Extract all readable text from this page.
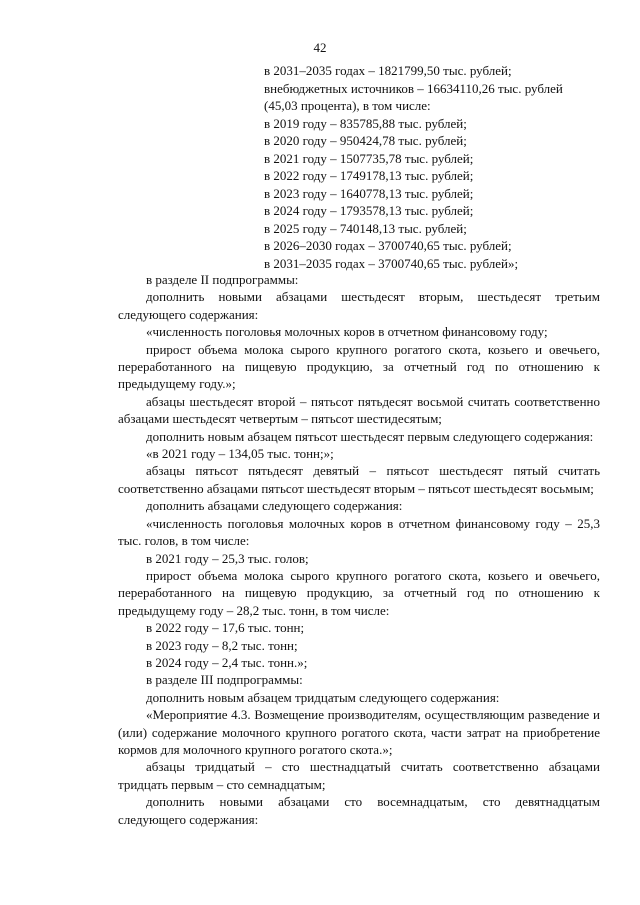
42
в 2031–2035 годах – 1821799,50 тыс. рублей;
внебюджетных источников – 16634110,26 тыс. рублей
(45,03 процента), в том числе:
в 2019 году – 835785,88 тыс. рублей;
в 2020 году – 950424,78 тыс. рублей;
в 2021 году – 1507735,78 тыс. рублей;
в 2022 году – 1749178,13 тыс. рублей;
в 2023 году – 1640778,13 тыс. рублей;
в 2024 году – 1793578,13 тыс. рублей;
в 2025 году – 740148,13 тыс. рублей;
в 2026–2030 годах – 3700740,65 тыс. рублей;
в 2031–2035 годах – 3700740,65 тыс. рублей»;

в разделе II подпрограммы:

дополнить новыми абзацами шестьдесят вторым, шестьдесят третьим следующего содержания:

«численность поголовья молочных коров в отчетном финансовому году;

прирост объема молока сырого крупного рогатого скота, козьего и овечьего, переработанного на пищевую продукцию, за отчетный год по отношению к предыдущему году.»;

абзацы шестьдесят второй – пятьсот пятьдесят восьмой считать соответственно абзацами шестьдесят четвертым – пятьсот шестидесятым;

дополнить новым абзацем пятьсот шестьдесят первым следующего содержания:

«в 2021 году – 134,05 тыс. тонн;»;

абзацы пятьсот пятьдесят девятый – пятьсот шестьдесят пятый считать соответственно абзацами пятьсот шестьдесят вторым – пятьсот шестьдесят восьмым;

дополнить абзацами следующего содержания:

«численность поголовья молочных коров в отчетном финансовому году – 25,3 тыс. голов, в том числе:

в 2021 году – 25,3 тыс. голов;

прирост объема молока сырого крупного рогатого скота, козьего и овечьего, переработанного на пищевую продукцию, за отчетный год по отношению к предыдущему году – 28,2 тыс. тонн, в том числе:

в 2022 году – 17,6 тыс. тонн;

в 2023 году – 8,2 тыс. тонн;

в 2024 году – 2,4 тыс. тонн.»;

в разделе III подпрограммы:

дополнить новым абзацем тридцатым следующего содержания:

«Мероприятие 4.3. Возмещение производителям, осуществляющим разведение и (или) содержание молочного крупного рогатого скота, части затрат на приобретение кормов для молочного крупного рогатого скота.»;

абзацы тридцатый – сто шестнадцатый считать соответственно абзацами тридцать первым – сто семнадцатым;

дополнить новыми абзацами сто восемнадцатым, сто девятнадцатым следующего содержания:
